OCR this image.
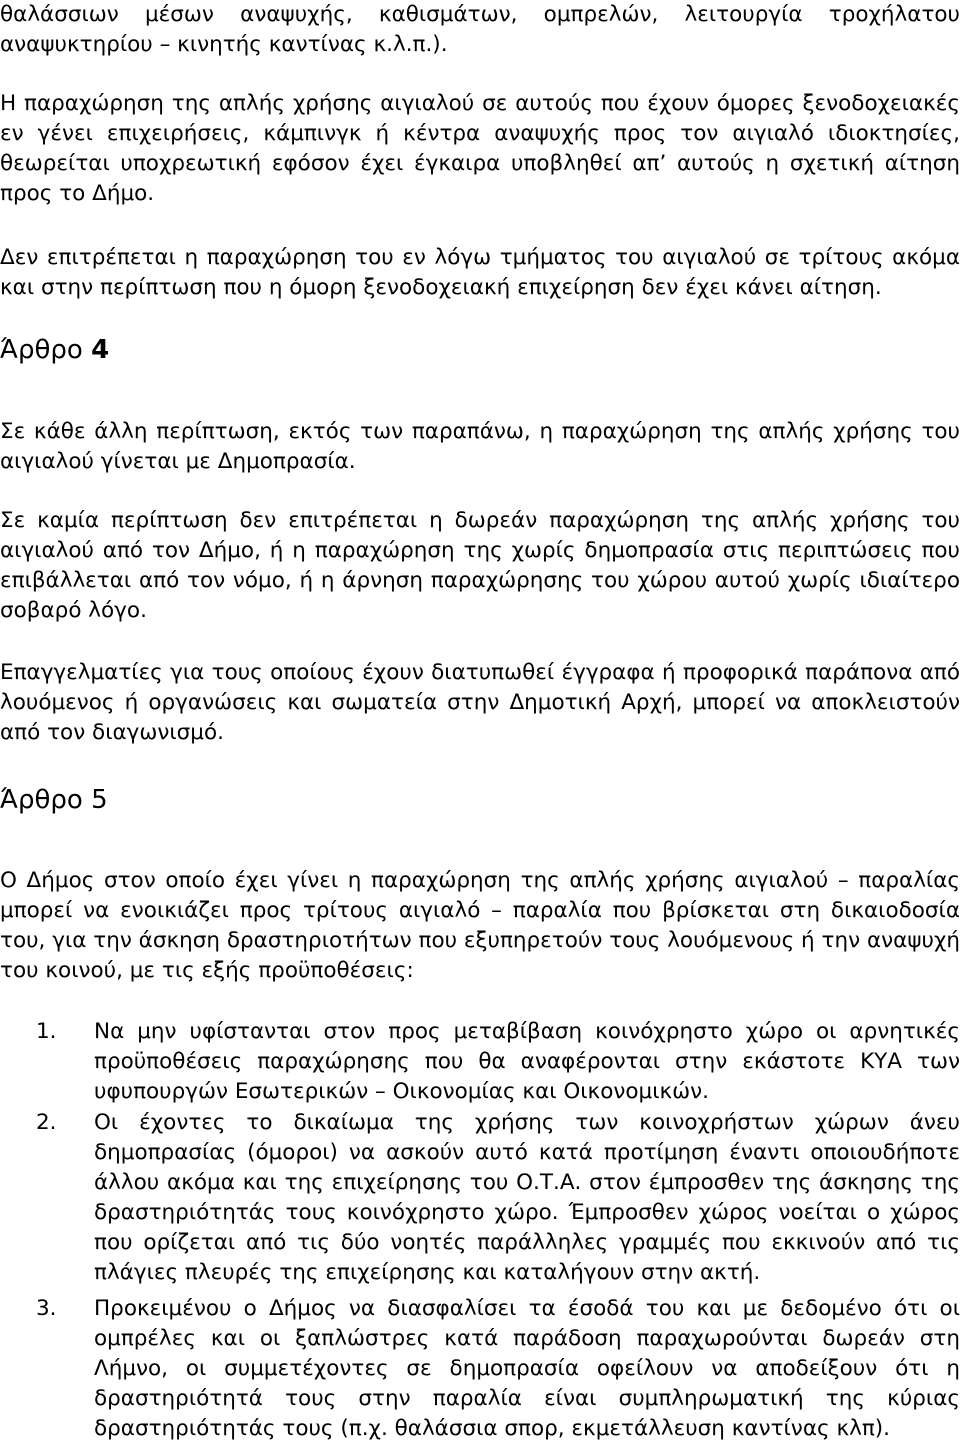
θαλάσσιων μέσων αναψυχής, καθισμάτων, ομπρελών, λειτουργία τροχήλατου αναψυκτηρίου – κινητής καντίνας κ.λ.π.).
Η παραχώρηση της απλής χρήσης αιγιαλού σε αυτούς που έχουν όμορες ξενοδοχειακές εν γένει επιχειρήσεις, κάμπινγκ ή κέντρα αναψυχής προς τον αιγιαλό ιδιοκτησίες, θεωρείται υποχρεωτική εφόσον έχει έγκαιρα υποβληθεί απ’ αυτούς η σχετική αίτηση προς το Δήμο.
Δεν επιτρέπεται η παραχώρηση του εν λόγω τμήματος του αιγιαλού σε τρίτους ακόμα και στην περίπτωση που η όμορη ξενοδοχειακή επιχείρηση δεν έχει κάνει αίτηση.
Άρθρο 4
Σε κάθε άλλη περίπτωση, εκτός των παραπάνω, η παραχώρηση της απλής χρήσης του αιγιαλού γίνεται με Δημοπρασία.
Σε καμία περίπτωση δεν επιτρέπεται η δωρεάν παραχώρηση της απλής χρήσης του αιγιαλού από τον Δήμο, ή η παραχώρηση της χωρίς δημοπρασία στις περιπτώσεις που επιβάλλεται από τον νόμο, ή η άρνηση παραχώρησης του χώρου αυτού χωρίς ιδιαίτερο σοβαρό λόγο.
Επαγγελματίες για τους οποίους έχουν διατυπωθεί έγγραφα ή προφορικά παράπονα από λουόμενος ή οργανώσεις και σωματεία στην Δημοτική Αρχή, μπορεί να αποκλειστούν από τον διαγωνισμό.
Άρθρο 5
Ο Δήμος στον οποίο έχει γίνει η παραχώρηση της απλής χρήσης αιγιαλού – παραλίας μπορεί να ενοικιάζει προς τρίτους αιγιαλό – παραλία που βρίσκεται στη δικαιοδοσία του, για την άσκηση δραστηριοτήτων που εξυπηρετούν τους λουόμενους ή την αναψυχή του κοινού, με τις εξής προϋποθέσεις:
1. Να μην υφίστανται στον προς μεταβίβαση κοινόχρηστο χώρο οι αρνητικές προϋποθέσεις παραχώρησης που θα αναφέρονται στην εκάστοτε ΚΥΑ των υφυπουργών Εσωτερικών – Οικονομίας και Οικονομικών.
2. Οι έχοντες το δικαίωμα της χρήσης των κοινοχρήστων χώρων άνευ δημοπρασίας (όμοροι) να ασκούν αυτό κατά προτίμηση έναντι οποιουδήποτε άλλου ακόμα και της επιχείρησης του Ο.Τ.Α. στον έμπροσθεν της άσκησης της δραστηριότητάς τους κοινόχρηστο χώρο. Έμπροσθεν χώρος νοείται ο χώρος που ορίζεται από τις δύο νοητές παράλληλες γραμμές που εκκινούν από τις πλάγιες πλευρές της επιχείρησης και καταλήγουν στην ακτή.
3. Προκειμένου ο Δήμος να διασφαλίσει τα έσοδά του και με δεδομένο ότι οι ομπρέλες και οι ξαπλώστρες κατά παράδοση παραχωρούνται δωρεάν στη Λήμνο, οι συμμετέχοντες σε δημοπρασία οφείλουν να αποδείξουν ότι η δραστηριότητά τους στην παραλία είναι συμπληρωματική της κύριας δραστηριότητάς τους (π.χ. θαλάσσια σπορ, εκμετάλλευση καντίνας κλπ).
